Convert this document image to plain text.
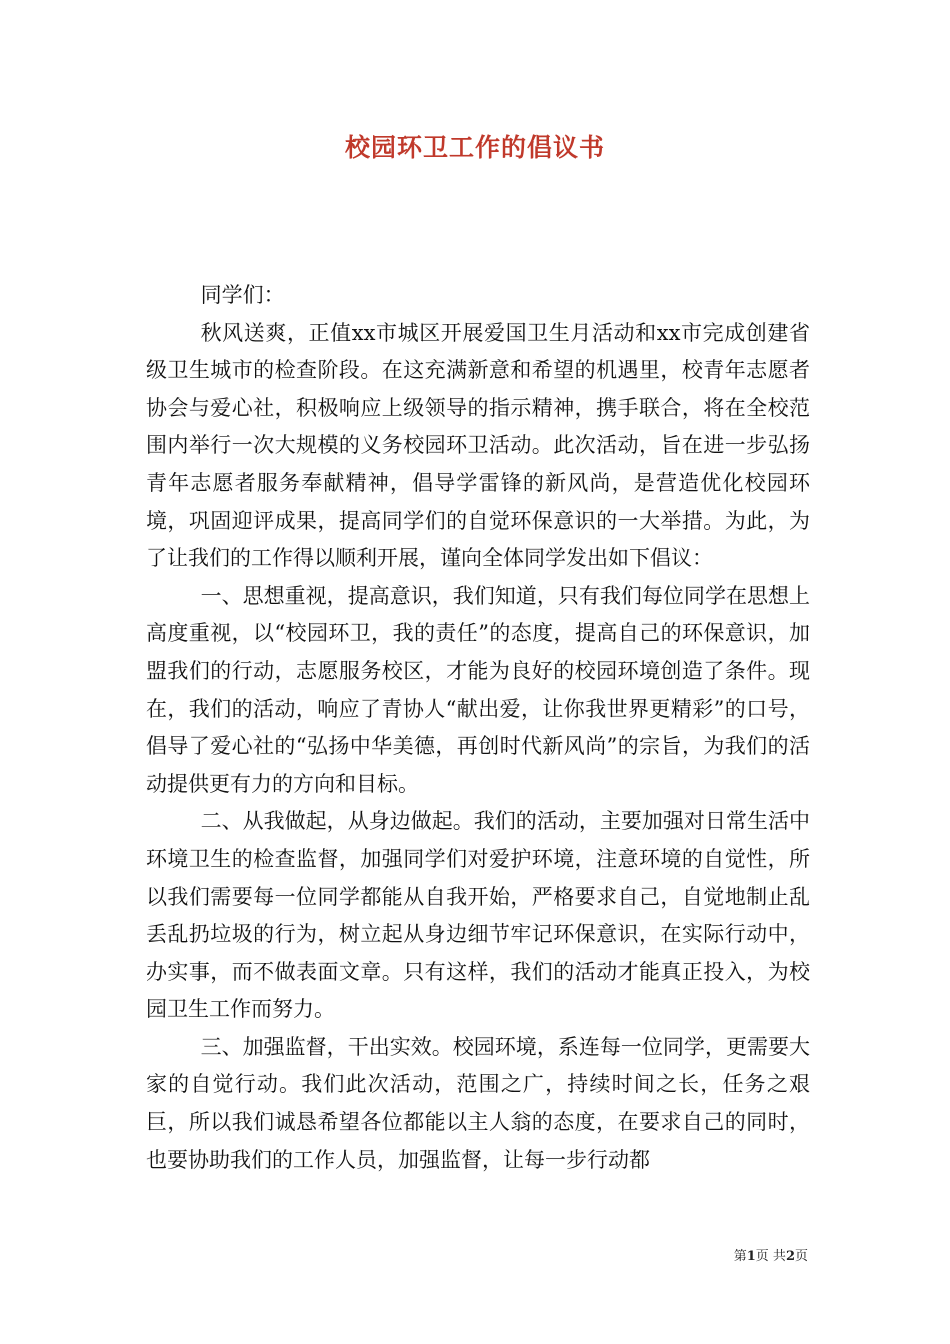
校园环卫工作的倡议书

同学们：

秋风送爽，正值xx市城区开展爱国卫生月活动和xx市完成创建省级卫生城市的检查阶段。在这充满新意和希望的机遇里，校青年志愿者协会与爱心社，积极响应上级领导的指示精神，携手联合，将在全校范围内举行一次大规模的义务校园环卫活动。此次活动，旨在进一步弘扬青年志愿者服务奉献精神，倡导学雷锋的新风尚，是营造优化校园环境，巩固迎评成果，提高同学们的自觉环保意识的一大举措。为此，为了让我们的工作得以顺利开展，谨向全体同学发出如下倡议：

一、思想重视，提高意识，我们知道，只有我们每位同学在思想上高度重视，以“校园环卫，我的责任”的态度，提高自己的环保意识，加盟我们的行动，志愿服务校区，才能为良好的校园环境创造了条件。现在，我们的活动，响应了青协人“献出爱，让你我世界更精彩”的口号，倡导了爱心社的“弘扬中华美德，再创时代新风尚”的宗旨，为我们的活动提供更有力的方向和目标。

二、从我做起，从身边做起。我们的活动，主要加强对日常生活中环境卫生的检查监督，加强同学们对爱护环境，注意环境的自觉性，所以我们需要每一位同学都能从自我开始，严格要求自己，自觉地制止乱丢乱扔垃圾的行为，树立起从身边细节牢记环保意识，在实际行动中，办实事，而不做表面文章。只有这样，我们的活动才能真正投入，为校园卫生工作而努力。

三、加强监督，干出实效。校园环境，系连每一位同学，更需要大家的自觉行动。我们此次活动，范围之广，持续时间之长，任务之艰巨，所以我们诚恳希望各位都能以主人翁的态度，在要求自己的同时，也要协助我们的工作人员，加强监督，让每一步行动都

第1页 共2页
